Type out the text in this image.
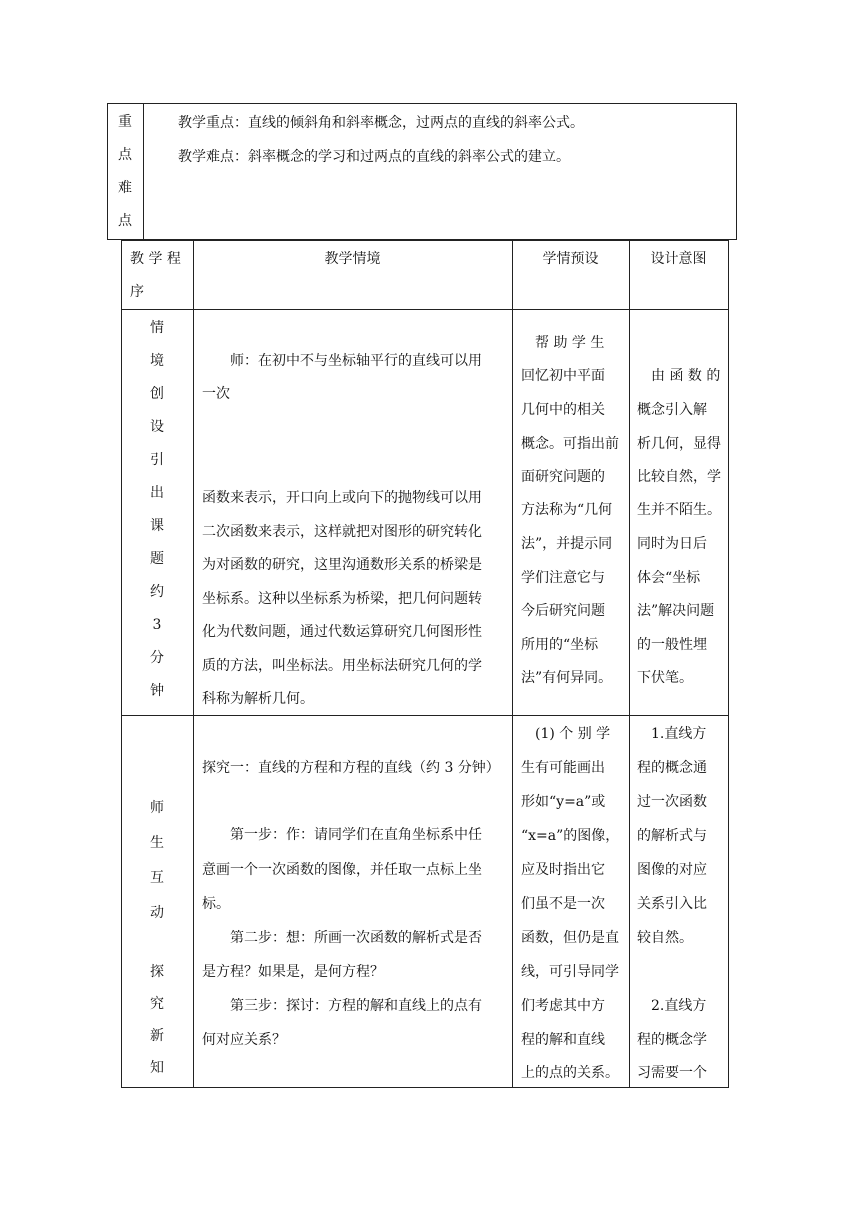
重
点
难
点
教学重点：直线的倾斜角和斜率概念，过两点的直线的斜率公式。
教学难点：斜率概念的学习和过两点的直线的斜率公式的建立。
教 学 程
序
教学情境	学情预设	设计意图
情
境
创
设
引
出
课
题
约
3
分
钟
　　师：在初中不与坐标轴平行的直线可以用
一次
函数来表示，开口向上或向下的抛物线可以用
二次函数来表示，这样就把对图形的研究转化
为对函数的研究，这里沟通数形关系的桥梁是
坐标系。这种以坐标系为桥梁，把几何问题转
化为代数问题，通过代数运算研究几何图形性
质的方法，叫坐标法。用坐标法研究几何的学
科称为解析几何。
　帮 助 学 生
回忆初中平面
几何中的相关
概念。可指出前
面研究问题的
方法称为“几何
法”，并提示同
学们注意它与
今后研究问题
所用的“坐标
法”有何异同。
　由 函 数 的
概念引入解
析几何，显得
比较自然，学
生并不陌生。
同时为日后
体会“坐标
法”解决问题
的一般性埋
下伏笔。
师
生
互
动
探
究
新
知
探究一：直线的方程和方程的直线（约 3 分钟）
　　第一步：作：请同学们在直角坐标系中任
意画一个一次函数的图像，并任取一点标上坐
标。
　　第二步：想：所画一次函数的解析式是否
是方程？如果是，是何方程？
　　第三步：探讨：方程的解和直线上的点有
何对应关系？
　(1) 个 别 学
生有可能画出
形如“y=a”或
“x=a”的图像，
应及时指出它
们虽不是一次
函数，但仍是直
线，可引导同学
们考虑其中方
程的解和直线
上的点的关系。
　1.直线方
程的概念通
过一次函数
的解析式与
图像的对应
关系引入比
较自然。
　2.直线方
程的概念学
习需要一个
